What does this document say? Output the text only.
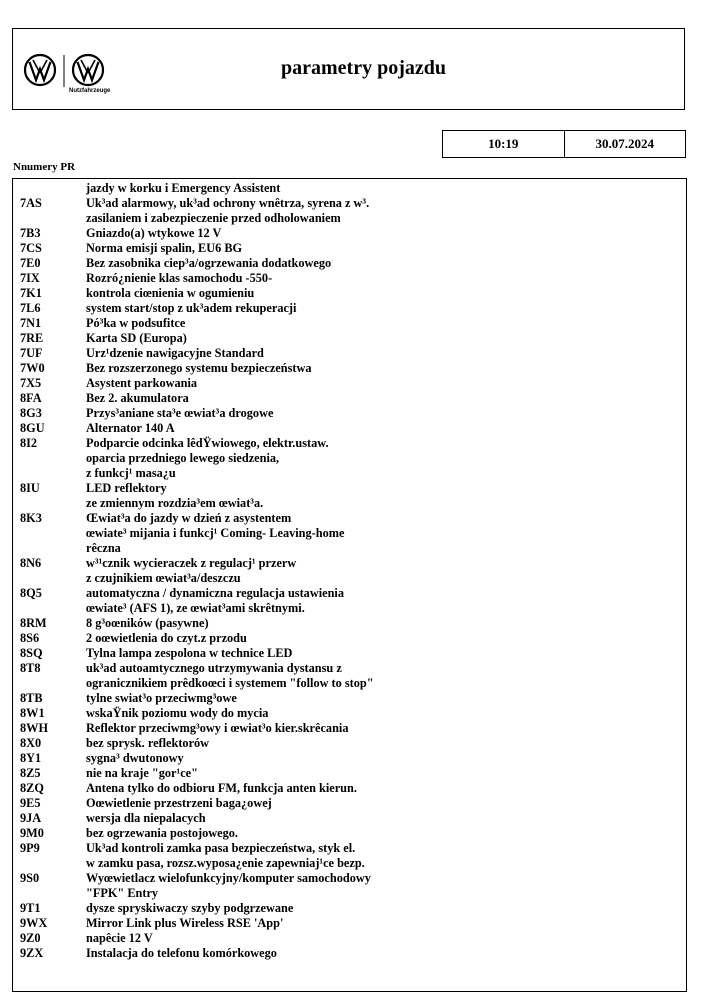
Nutzfahrzeuge
parametry pojazdu
10:19	30.07.2024
Nnumery PR
jazdy w korku i Emergency Assistent
7AS	Uk³ad alarmowy, uk³ad ochrony wnêtrza, syrena z w³.
zasilaniem i zabezpieczenie przed odholowaniem
7B3	Gniazdo(a) wtykowe 12 V
7CS	Norma emisji spalin, EU6 BG
7E0	Bez zasobnika ciep³a/ogrzewania dodatkowego
7IX	Rozró¿nienie klas samochodu -550-
7K1	kontrola ciœnienia w ogumieniu
7L6	system start/stop z uk³adem rekuperacji
7N1	Pó³ka w podsufitce
7RE	Karta SD (Europa)
7UF	Urz¹dzenie nawigacyjne Standard
7W0	Bez rozszerzonego systemu bezpieczeństwa
7X5	Asystent parkowania
8FA	Bez 2. akumulatora
8G3	Przys³aniane sta³e œwiat³a drogowe
8GU	Alternator 140 A
8I2	Podparcie odcinka lêdŸwiowego, elektr.ustaw.
oparcia przedniego lewego siedzenia,
z funkcj¹ masa¿u
8IU	LED reflektory
ze zmiennym rozdzia³em œwiat³a.
8K3	Œwiat³a do jazdy w dzień z asystentem
œwiate³ mijania i funkcj¹ Coming- Leaving-home
rêczna
8N6	w³¹cznik wycieraczek z regulacj¹ przerw
z czujnikiem œwiat³a/deszczu
8Q5	automatyczna / dynamiczna regulacja ustawienia
œwiate³ (AFS 1), ze œwiat³ami skrêtnymi.
8RM	8 g³oœników (pasywne)
8S6	2 oœwietlenia do czyt.z przodu
8SQ	Tylna lampa zespolona w technice LED
8T8	uk³ad autoamtycznego utrzymywania dystansu z
ogranicznikiem prêdkoœci i systemem "follow to stop"
8TB	tylne swiat³o przeciwmg³owe
8W1	wskaŸnik poziomu wody do mycia
8WH	Reflektor przeciwmg³owy i œwiat³o kier.skrêcania
8X0	bez sprysk. reflektorów
8Y1	sygna³ dwutonowy
8Z5	nie na kraje "gor¹ce"
8ZQ	Antena tylko do odbioru FM, funkcja anten kierun.
9E5	Oœwietlenie przestrzeni baga¿owej
9JA	wersja dla niepalacych
9M0	bez ogrzewania postojowego.
9P9	Uk³ad kontroli zamka pasa bezpieczeństwa, styk el.
w zamku pasa, rozsz.wyposa¿enie zapewniaj¹ce bezp.
9S0	Wyœwietlacz wielofunkcyjny/komputer samochodowy
"FPK" Entry
9T1	dysze spryskiwaczy szyby podgrzewane
9WX	Mirror Link plus Wireless RSE 'App'
9Z0	napêcie 12 V
9ZX	Instalacja do telefonu komórkowego
